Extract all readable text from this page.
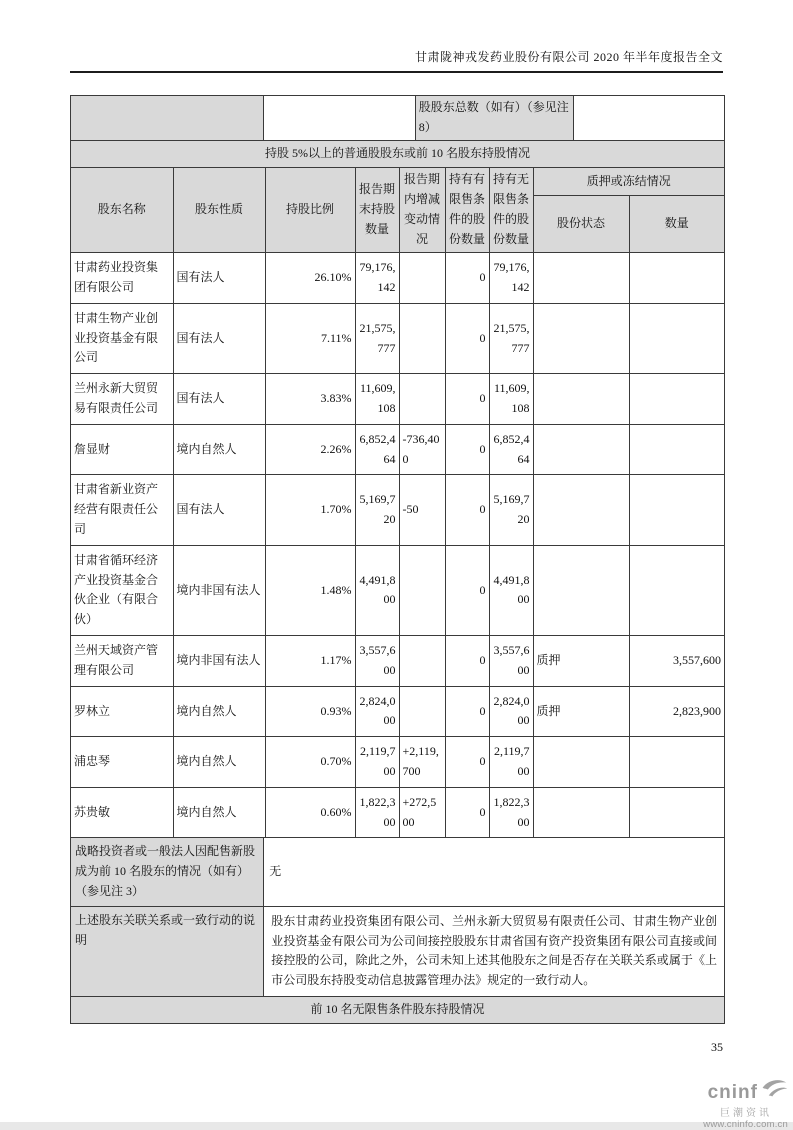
甘肃陇神戎发药业股份有限公司 2020 年半年度报告全文
股股东总数（如有）（参见注 8）
持股 5%以上的普通股股东或前 10 名股东持股情况
股东名称	股东性质	持股比例	报告期末持股数量	报告期内增减变动情况	持有有限售条件的股份数量	持有无限售条件的股份数量	质押或冻结情况	
							股份状态	数量
甘肃药业投资集团有限公司	国有法人	26.10%	79,176,142		0	79,176,142		
甘肃生物产业创业投资基金有限公司	国有法人	7.11%	21,575,777		0	21,575,777		
兰州永新大贸贸易有限责任公司	国有法人	3.83%	11,609,108		0	11,609,108		
詹显财	境内自然人	2.26%	6,852,464	-736,400	0	6,852,464		
甘肃省新业资产经营有限责任公司	国有法人	1.70%	5,169,720	-50	0	5,169,720		
甘肃省循环经济产业投资基金合伙企业（有限合伙）	境内非国有法人	1.48%	4,491,800		0	4,491,800		
兰州天域资产管理有限公司	境内非国有法人	1.17%	3,557,600		0	3,557,600	质押	3,557,600
罗林立	境内自然人	0.93%	2,824,000		0	2,824,000	质押	2,823,900
浦忠琴	境内自然人	0.70%	2,119,700	+2,119,700	0	2,119,700		
苏贵敏	境内自然人	0.60%	1,822,300	+272,500	0	1,822,300		
战略投资者或一般法人因配售新股成为前 10 名股东的情况（如有）（参见注 3）
无
上述股东关联关系或一致行动的说明
股东甘肃药业投资集团有限公司、兰州永新大贸贸易有限责任公司、甘肃生物产业创业投资基金有限公司为公司间接控股股东甘肃省国有资产投资集团有限公司直接或间接控股的公司，除此之外，公司未知上述其他股东之间是否存在关联关系或属于《上市公司股东持股变动信息披露管理办法》规定的一致行动人。
前 10 名无限售条件股东持股情况
35
cninf
巨潮资讯
www.cninfo.com.cn
